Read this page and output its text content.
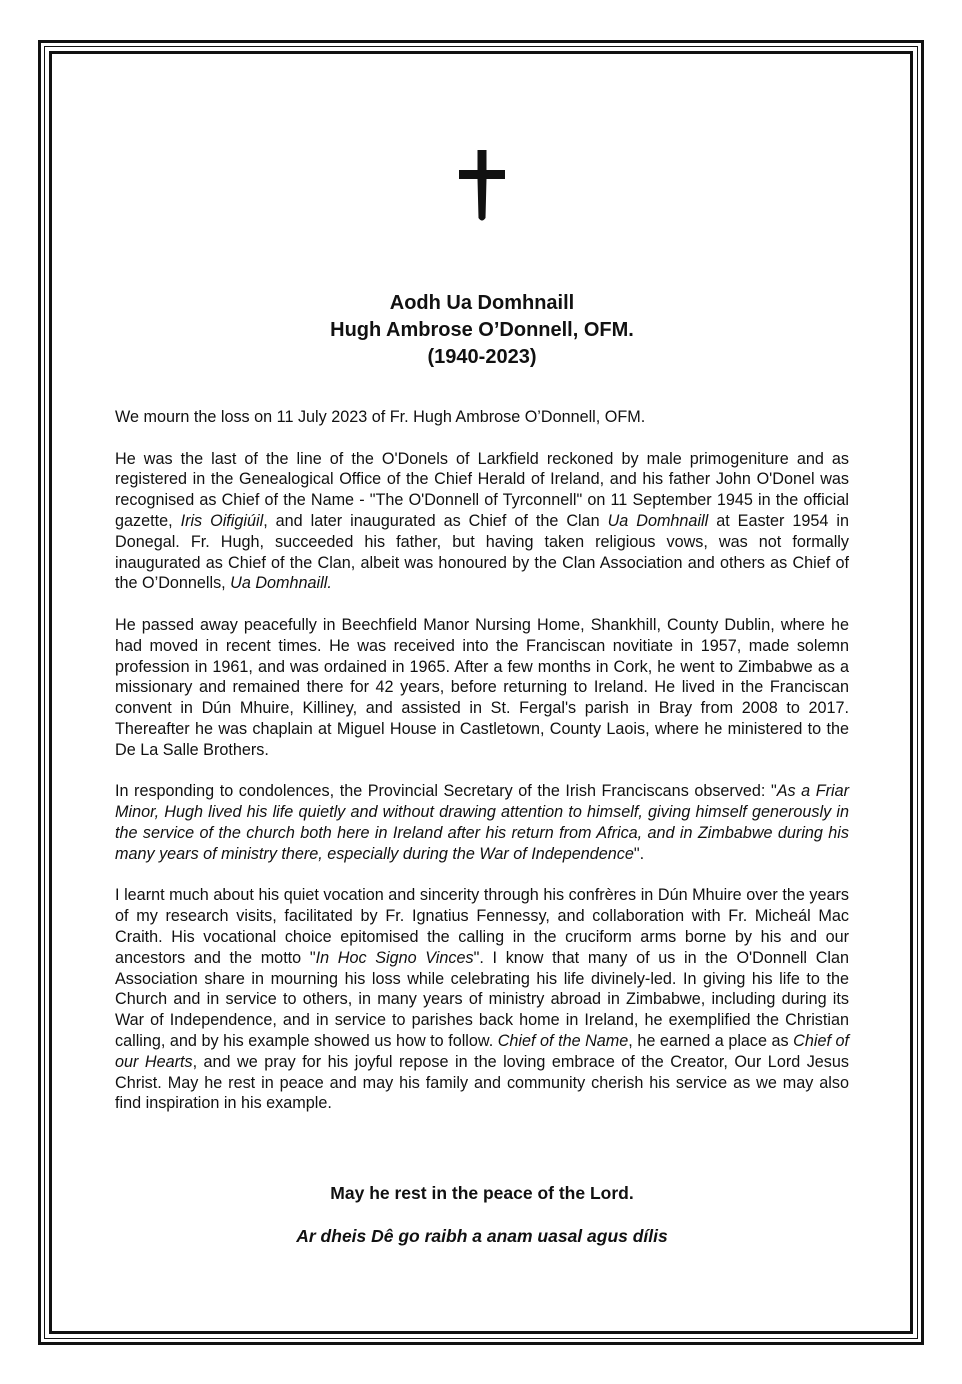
Aodh Ua Domhnaill
Hugh Ambrose O’Donnell, OFM.
(1940-2023)

We mourn the loss on 11 July 2023 of Fr. Hugh Ambrose O’Donnell, OFM.

He was the last of the line of the O'Donels of Larkfield reckoned by male primogeniture and as registered in the Genealogical Office of the Chief Herald of Ireland, and his father John O'Donel was recognised as Chief of the Name - "The O'Donnell of Tyrconnell" on 11 September 1945 in the official gazette, Iris Oifigiúil, and later inaugurated as Chief of the Clan Ua Domhnaill at Easter 1954 in Donegal. Fr. Hugh, succeeded his father, but having taken religious vows, was not formally inaugurated as Chief of the Clan, albeit was honoured by the Clan Association and others as Chief of the O’Donnells, Ua Domhnaill.

He passed away peacefully in Beechfield Manor Nursing Home, Shankhill, County Dublin, where he had moved in recent times. He was received into the Franciscan novitiate in 1957, made solemn profession in 1961, and was ordained in 1965. After a few months in Cork, he went to Zimbabwe as a missionary and remained there for 42 years, before returning to Ireland. He lived in the Franciscan convent in Dún Mhuire, Killiney, and assisted in St. Fergal's parish in Bray from 2008 to 2017. Thereafter he was chaplain at Miguel House in Castletown, County Laois, where he ministered to the De La Salle Brothers.

In responding to condolences, the Provincial Secretary of the Irish Franciscans observed: "As a Friar Minor, Hugh lived his life quietly and without drawing attention to himself, giving himself generously in the service of the church both here in Ireland after his return from Africa, and in Zimbabwe during his many years of ministry there, especially during the War of Independence".

I learnt much about his quiet vocation and sincerity through his confrères in Dún Mhuire over the years of my research visits, facilitated by Fr. Ignatius Fennessy, and collaboration with Fr. Micheál Mac Craith. His vocational choice epitomised the calling in the cruciform arms borne by his and our ancestors and the motto "In Hoc Signo Vinces". I know that many of us in the O'Donnell Clan Association share in mourning his loss while celebrating his life divinely-led. In giving his life to the Church and in service to others, in many years of ministry abroad in Zimbabwe, including during its War of Independence, and in service to parishes back home in Ireland, he exemplified the Christian calling, and by his example showed us how to follow. Chief of the Name, he earned a place as Chief of our Hearts, and we pray for his joyful repose in the loving embrace of the Creator, Our Lord Jesus Christ. May he rest in peace and may his family and community cherish his service as we may also find inspiration in his example.

May he rest in the peace of the Lord.
Ar dheis Dê go raibh a anam uasal agus dílis
